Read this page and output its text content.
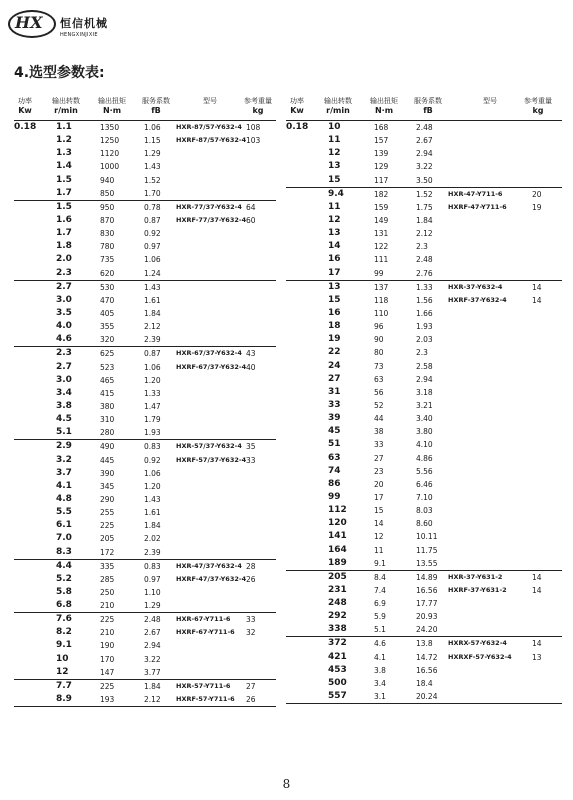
HX 恒信机械
HENGXINJIXIE
4.选型参数表:
功率
Kw
输出转数
r/min
输出扭矩
N·m
服务系数
fB
型号	参考重量
kg
0.18 1.1	1350	1.06 HXR-87/57-Y632-4 108
1.2	1250	1.15 HXRF-87/57-Y632-4 103
1.3	1120	1.29
1.4	1000	1.43
1.5	940	1.52
1.7	850	1.70
1.5	950	0.78 HXR-77/37-Y632-4 64
1.6	870	0.87 HXRF-77/37-Y632-4 60
1.7	830	0.92
1.8	780	0.97
2.0	735	1.06
2.3	620	1.24
2.7	530	1.43
3.0	470	1.61
3.5	405	1.84
4.0	355	2.12
4.6	320	2.39
2.3	625	0.87 HXR-67/37-Y632-4 43
2.7	523	1.06 HXRF-67/37-Y632-4 40
3.0	465	1.20
3.4	415	1.33
3.8	380	1.47
4.5	310	1.79
5.1	280	1.93
2.9	490	0.83 HXR-57/37-Y632-4 35
3.2	445	0.92 HXRF-57/37-Y632-4 33
3.7	390	1.06
4.1	345	1.20
4.8	290	1.43
5.5	255	1.61
6.1	225	1.84
7.0	205	2.02
8.3	172	2.39
4.4	335	0.83 HXR-47/37-Y632-4 28
5.2	285	0.97 HXRF-47/37-Y632-4 26
5.8	250	1.10
6.8	210	1.29
7.6	225	2.48 HXR-67-Y711-6 33
8.2	210	2.67 HXRF-67-Y711-6 32
9.1	190	2.94
10	170	3.22
12	147	3.77
7.7	225	1.84 HXR-57-Y711-6 27
8.9	193	2.12 HXRF-57-Y711-6 26
功率
Kw
输出转数
r/min
输出扭矩
N·m
服务系数
fB
型号	参考重量
kg
0.18 10	168	2.48
11	157	2.67
12	139	2.94
13	129	3.22
15	117	3.50
9.4	182	1.52 HXR-47-Y711-6	20
11	159	1.75 HXRF-47-Y711-6	19
12	149	1.84
13	131	2.12
14	122	2.3
16	111	2.48
17	99	2.76
13	137	1.33 HXR-37-Y632-4	14
15	118	1.56 HXRF-37-Y632-4	14
16	110	1.66
18	96	1.93
19	90	2.03
22	80	2.3
24	73	2.58
27	63	2.94
31	56	3.18
33	52	3.21
39	44	3.40
45	38	3.80
51	33	4.10
63	27	4.86
74	23	5.56
86	20	6.46
99	17	7.10
112	15	8.03
120	14	8.60
141	12	10.11
164	11	11.75
189	9.1	13.55
205	8.4	14.89 HXR-37-Y631-2	14
231	7.4	16.56 HXRF-37-Y631-2	14
248	6.9	17.77
292	5.9	20.93
338	5.1	24.20
372	4.6	13.8 HXRX-57-Y632-4	14
421	4.1	14.72 HXRXF-57-Y632-4	13
453	3.8	16.56
500	3.4	18.4
557	3.1	20.24
8
